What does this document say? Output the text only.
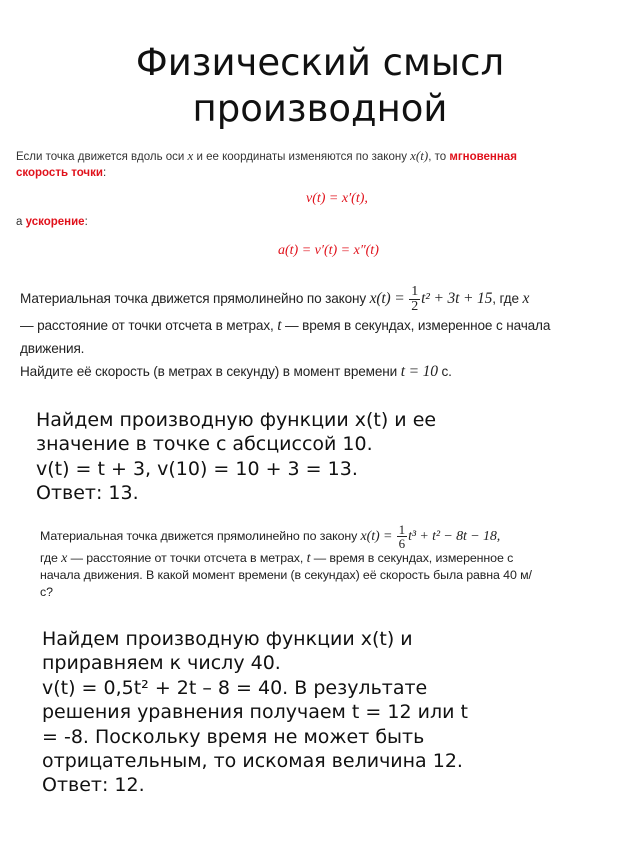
Физический смысл
производной
Если точка движется вдоль оси x и ее координаты изменяются по закону x(t), то мгновенная
скорость точки:
v(t) = x′(t),
а ускорение:
a(t) = v′(t) = x″(t)
Материальная точка движется прямолинейно по закону $x(t) = \frac{1}{2} t^2 + 3t + 15$, где x
— расстояние от точки отсчета в метрах, t — время в секундах, измеренное с начала
движения.
Найдите её скорость (в метрах в секунду) в момент времени t = 10 с.
Найдем производную функции x(t) и ее
значение в точке с абсциссой 10.
v(t) = t + 3, v(10) = 10 + 3 = 13.
Ответ: 13.
Материальная точка движется прямолинейно по закону $x(t) = \frac{1}{6} t^3 + t^2 - 8t - 18$,
где x — расстояние от точки отсчета в метрах, t — время в секундах, измеренное с
начала движения. В какой момент времени (в секундах) её скорость была равна 40 м/
с?
Найдем производную функции x(t) и
приравняем к числу 40.
v(t) = 0,5t² + 2t – 8 = 40. В результате
решения уравнения получаем t = 12 или t
= -8. Поскольку время не может быть
отрицательным, то искомая величина 12.
Ответ: 12.
